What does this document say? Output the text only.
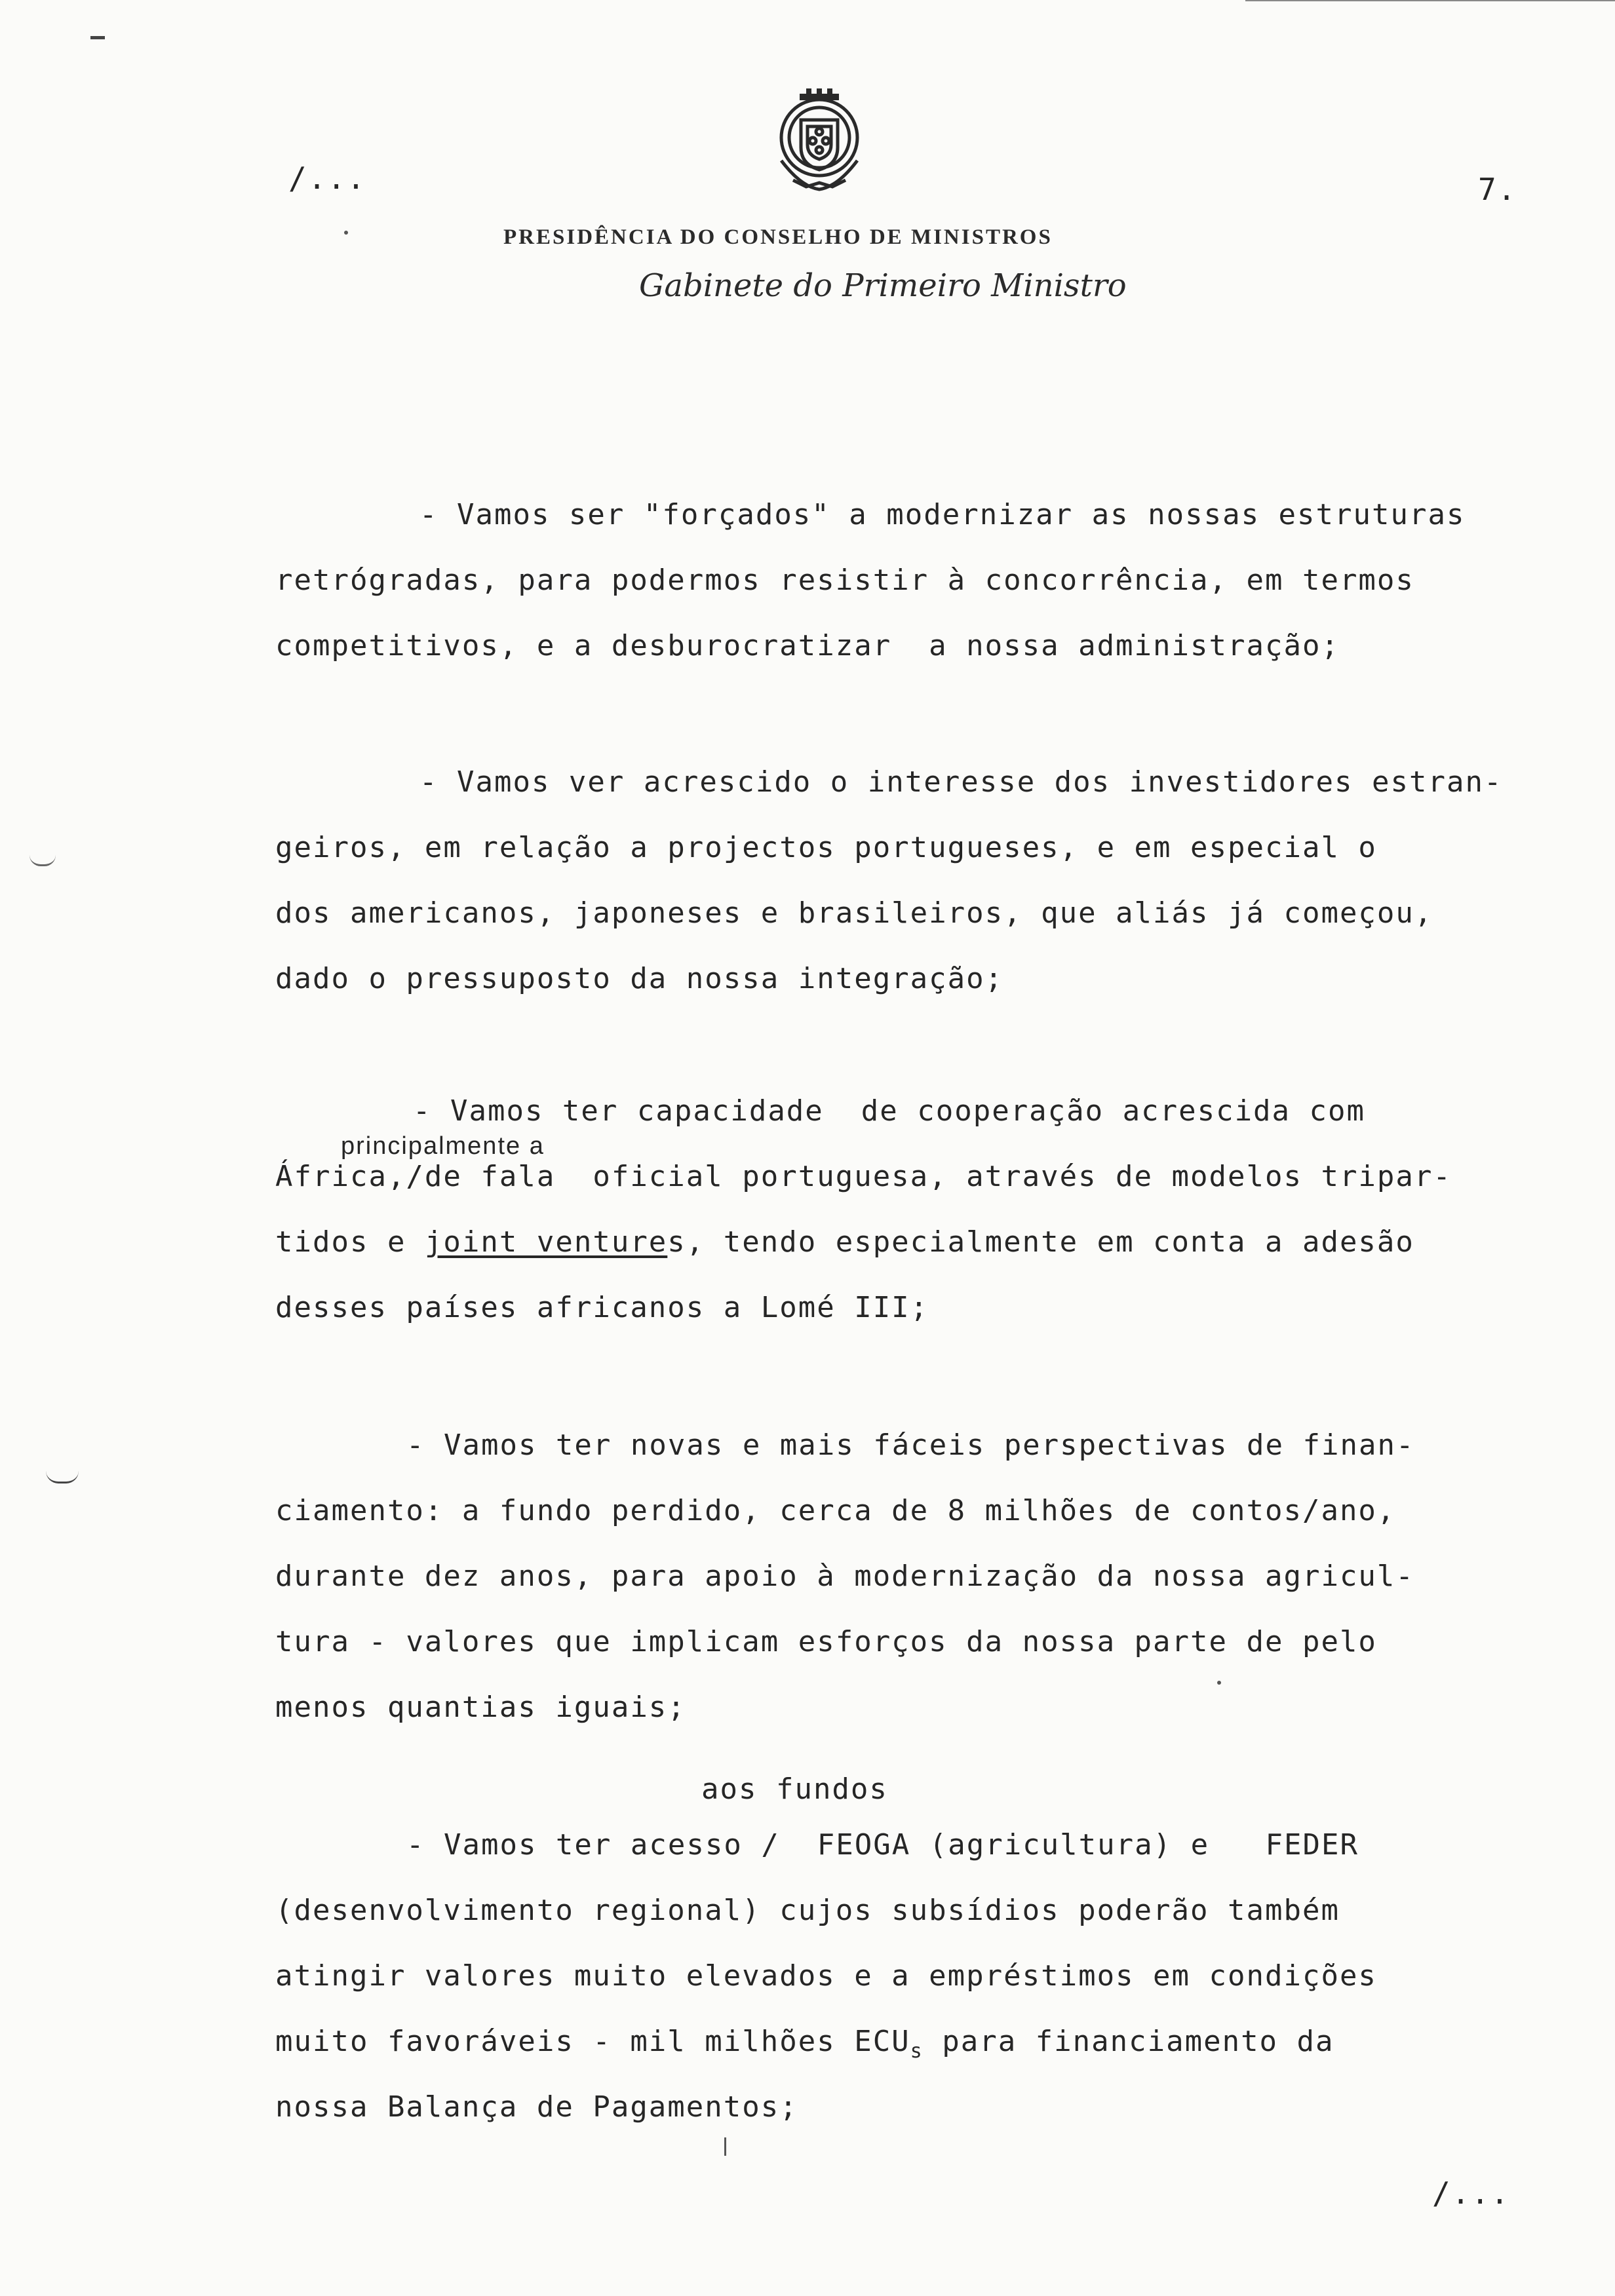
/...	7.
PRESIDÊNCIA DO CONSELHO DE MINISTROS
Gabinete do Primeiro Ministro

- Vamos ser "forçados" a modernizar as nossas estruturas

retrógradas, para podermos resistir à concorrência, em termos

competitivos, e a desburocratizar  a nossa administração;

- Vamos ver acrescido o interesse dos investidores estran-

geiros, em relação a projectos portugueses, e em especial o

dos americanos, japoneses e brasileiros, que aliás já começou,

dado o pressuposto da nossa integração;

- Vamos ter capacidade  de cooperação acrescida com

principalmente a

África,/de fala  oficial portuguesa, através de modelos tripar-

tidos e joint ventures, tendo especialmente em conta a adesão

desses países africanos a Lomé III;

- Vamos ter novas e mais fáceis perspectivas de finan-

ciamento: a fundo perdido, cerca de 8 milhões de contos/ano,

durante dez anos, para apoio à modernização da nossa agricul-

tura - valores que implicam esforços da nossa parte de pelo

menos quantias iguais;

aos fundos

- Vamos ter acesso /  FEOGA (agricultura) e   FEDER

(desenvolvimento regional) cujos subsídios poderão também

atingir valores muito elevados e a empréstimos em condições

muito favoráveis - mil milhões $ECU_s$ para financiamento da

nossa Balança de Pagamentos;

/...
